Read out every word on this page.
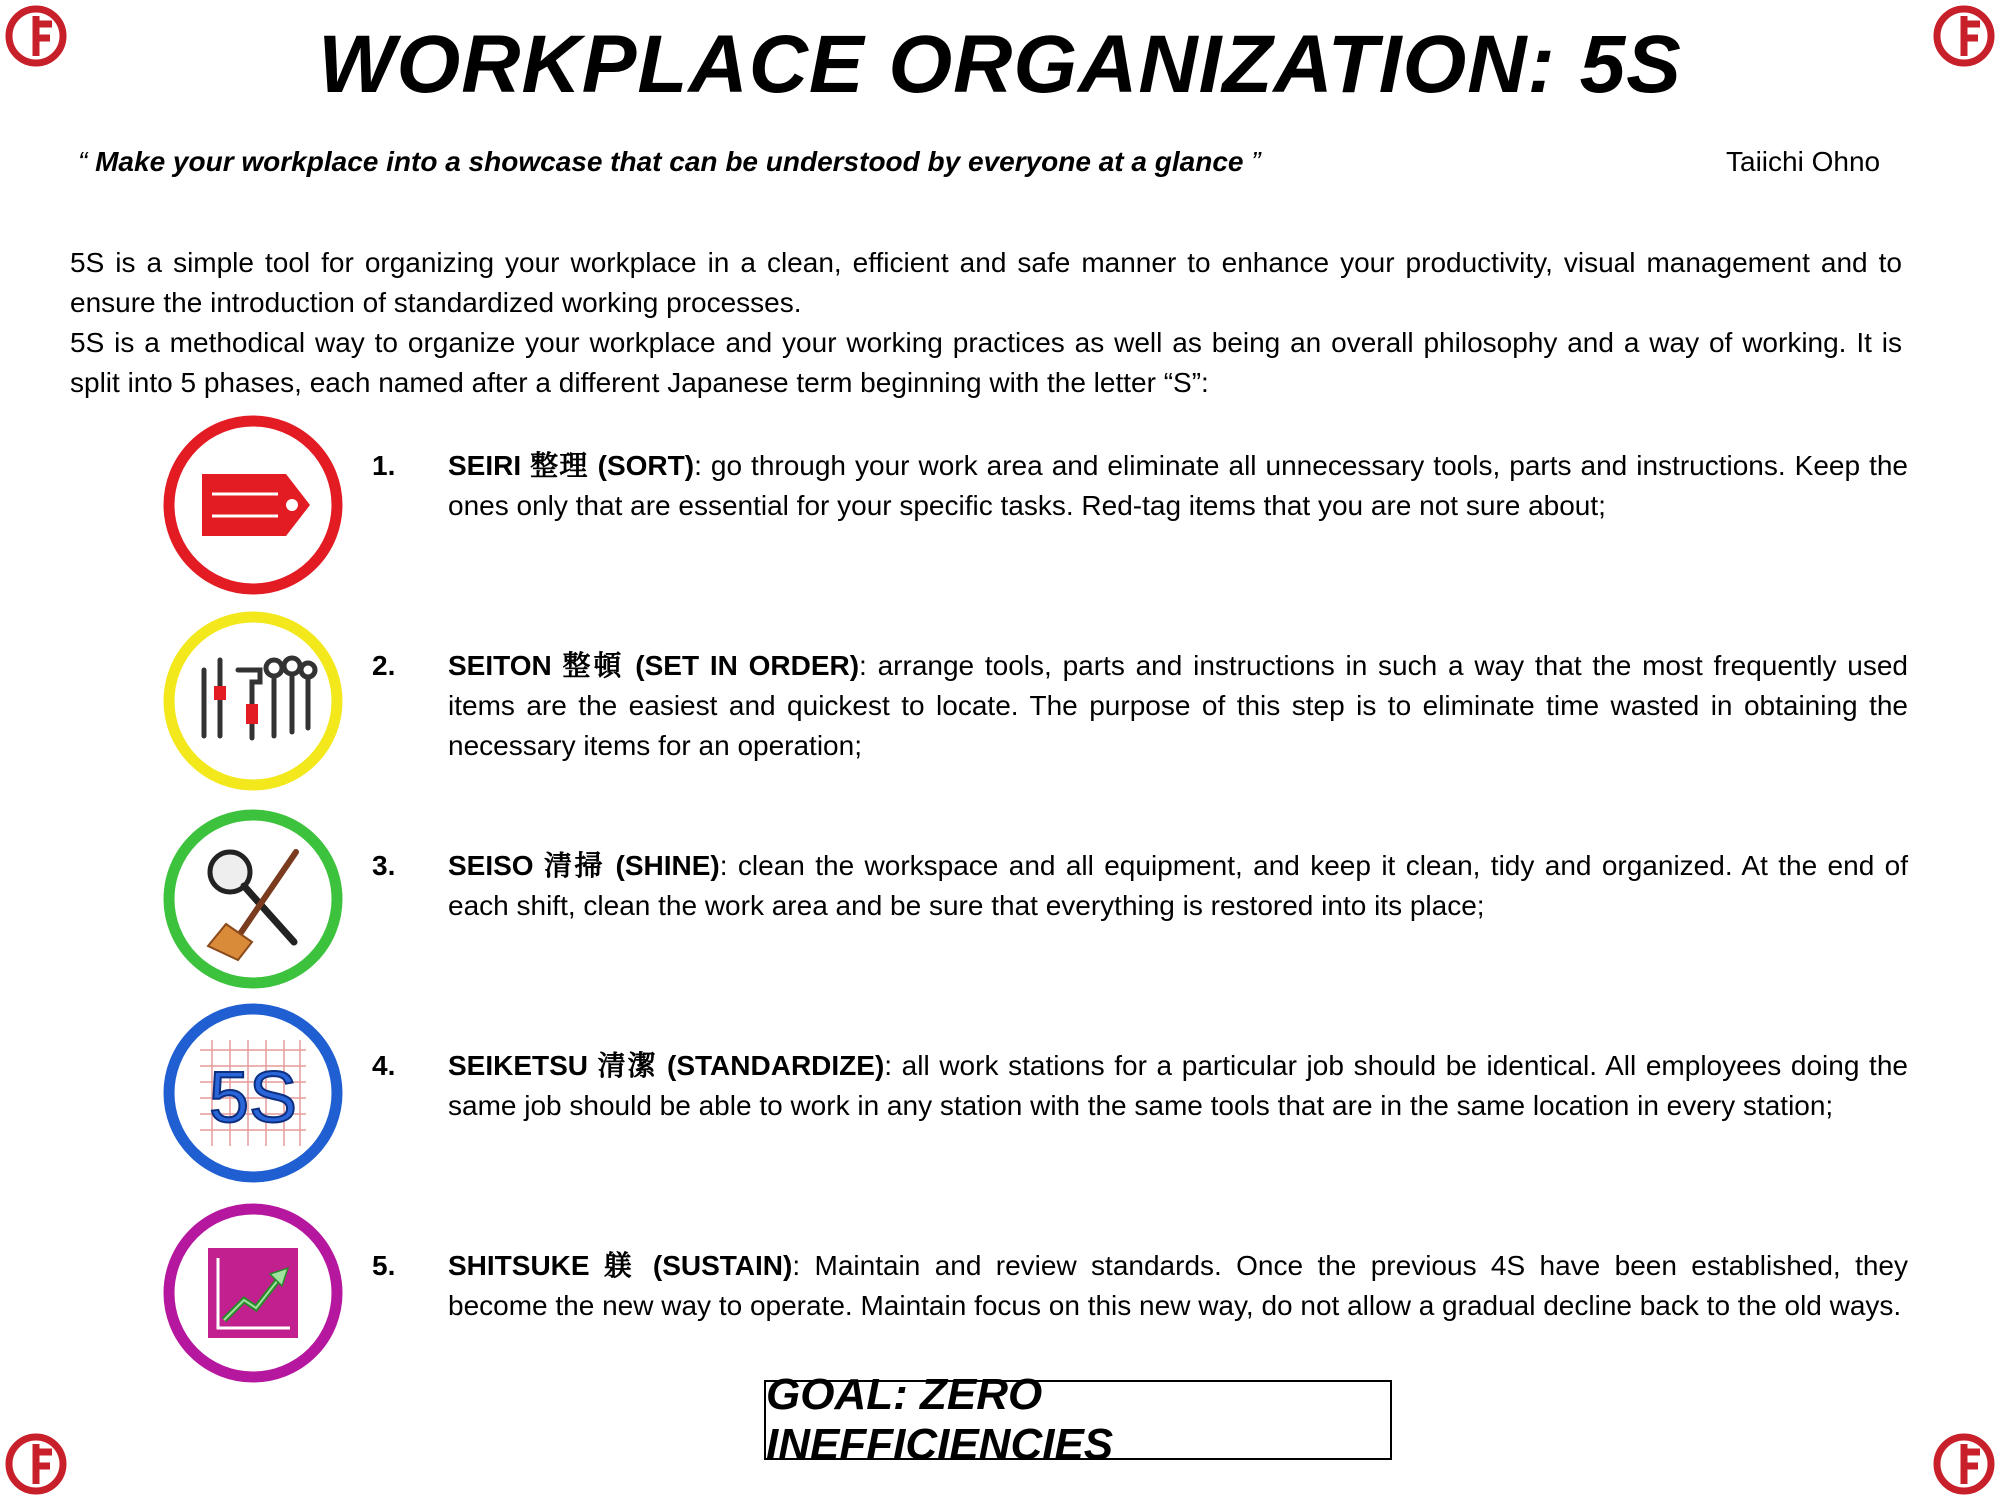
WORKPLACE ORGANIZATION: 5S
“ Make your workplace into a showcase that can be understood by everyone at a glance ”	Taiichi Ohno

5S is a simple tool for organizing your workplace in a clean, efficient and safe manner to enhance your productivity, visual management and to ensure the introduction of standardized working processes.

5S is a methodical way to organize your workplace and your working practices as well as being an overall philosophy and a way of working. It is split into 5 phases, each named after a different Japanese term beginning with the letter “S”:

1. SEIRI 整理 (SORT): go through your work area and eliminate all unnecessary tools, parts and instructions. Keep the ones only that are essential for your specific tasks. Red-tag items that you are not sure about;
2. SEITON 整頓 (SET IN ORDER): arrange tools, parts and instructions in such a way that the most frequently used items are the easiest and quickest to locate. The purpose of this step is to eliminate time wasted in obtaining the necessary items for an operation;
3. SEISO 清掃 (SHINE): clean the workspace and all equipment, and keep it clean, tidy and organized. At the end of each shift, clean the work area and be sure that everything is restored into its place;
5S	4. SEIKETSU 清潔 (STANDARDIZE): all work stations for a particular job should be identical. All employees doing the same job should be able to work in any station with the same tools that are in the same location in every station;
5. SHITSUKE 躾 (SUSTAIN): Maintain and review standards. Once the previous 4S have been established, they become the new way to operate. Maintain focus on this new way, do not allow a gradual decline back to the old ways.
GOAL: ZERO INEFFICIENCIES
